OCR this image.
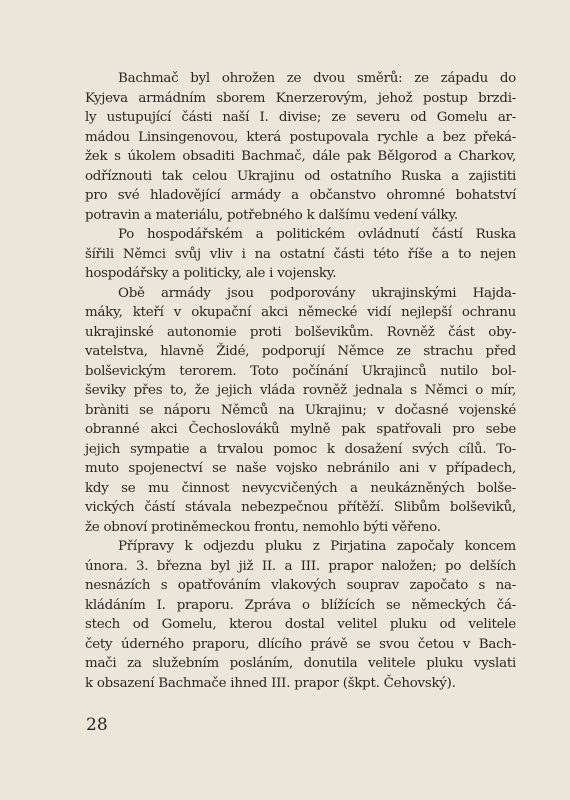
Bachmač byl ohrožen ze dvou směrů: ze západu do
Kyjeva armádním sborem Knerzerovým, jehož postup brzdi-
ly ustupující části naší I. divise; ze severu od Gomelu ar-
mádou Linsingenovou, která postupovala rychle a bez překá-
žek s úkolem obsaditi Bachmač, dále pak Bělgorod a Charkov,
odříznouti tak celou Ukrajinu od ostatního Ruska a zajistiti
pro své hladovějící armády a občanstvo ohromné bohatství
potravin a materiálu, potřebného k dalšímu vedení války.
Po hospodářském a politickém ovládnutí částí Ruska
šířili Němci svůj vliv i na ostatní části této říše a to nejen
hospodářsky a politicky, ale i vojensky.
Obě armády jsou podporovány ukrajinskými Hajda-
máky, kteří v okupační akci německé vidí nejlepší ochranu
ukrajinské autonomie proti bolševikům. Rovněž část oby-
vatelstva, hlavně Židé, podporují Němce ze strachu před
bolševickým terorem. Toto počínání Ukrajinců nutilo bol-
ševiky přes to, že jejich vláda rovněž jednala s Němci o mír,
bràniti se náporu Němců na Ukrajinu; v dočasné vojenské
obranné akci Čechoslováků mylně pak spatřovali pro sebe
jejich sympatie a trvalou pomoc k dosažení svých cílů. To-
muto spojenectví se naše vojsko nebránilo ani v případech,
kdy se mu činnost nevycvičených a neukázněných bolše-
vických částí stávala nebezpečnou přítěží. Slibům bolševiků,
že obnoví protiněmeckou frontu, nemohlo býti věřeno.
Přípravy k odjezdu pluku z Pirjatina započaly koncem
února. 3. března byl již II. a III. prapor naložen; po delších
nesnázích s opatřováním vlakových souprav započato s na-
kládáním I. praporu. Zpráva o blížících se německých čá-
stech od Gomelu, kterou dostal velitel pluku od velitele
čety úderného praporu, dlícího právě se svou četou v Bach-
mači za služebním posláním, donutila velitele pluku vyslati
k obsazení Bachmače ihned III. prapor (škpt. Čehovský).
28
